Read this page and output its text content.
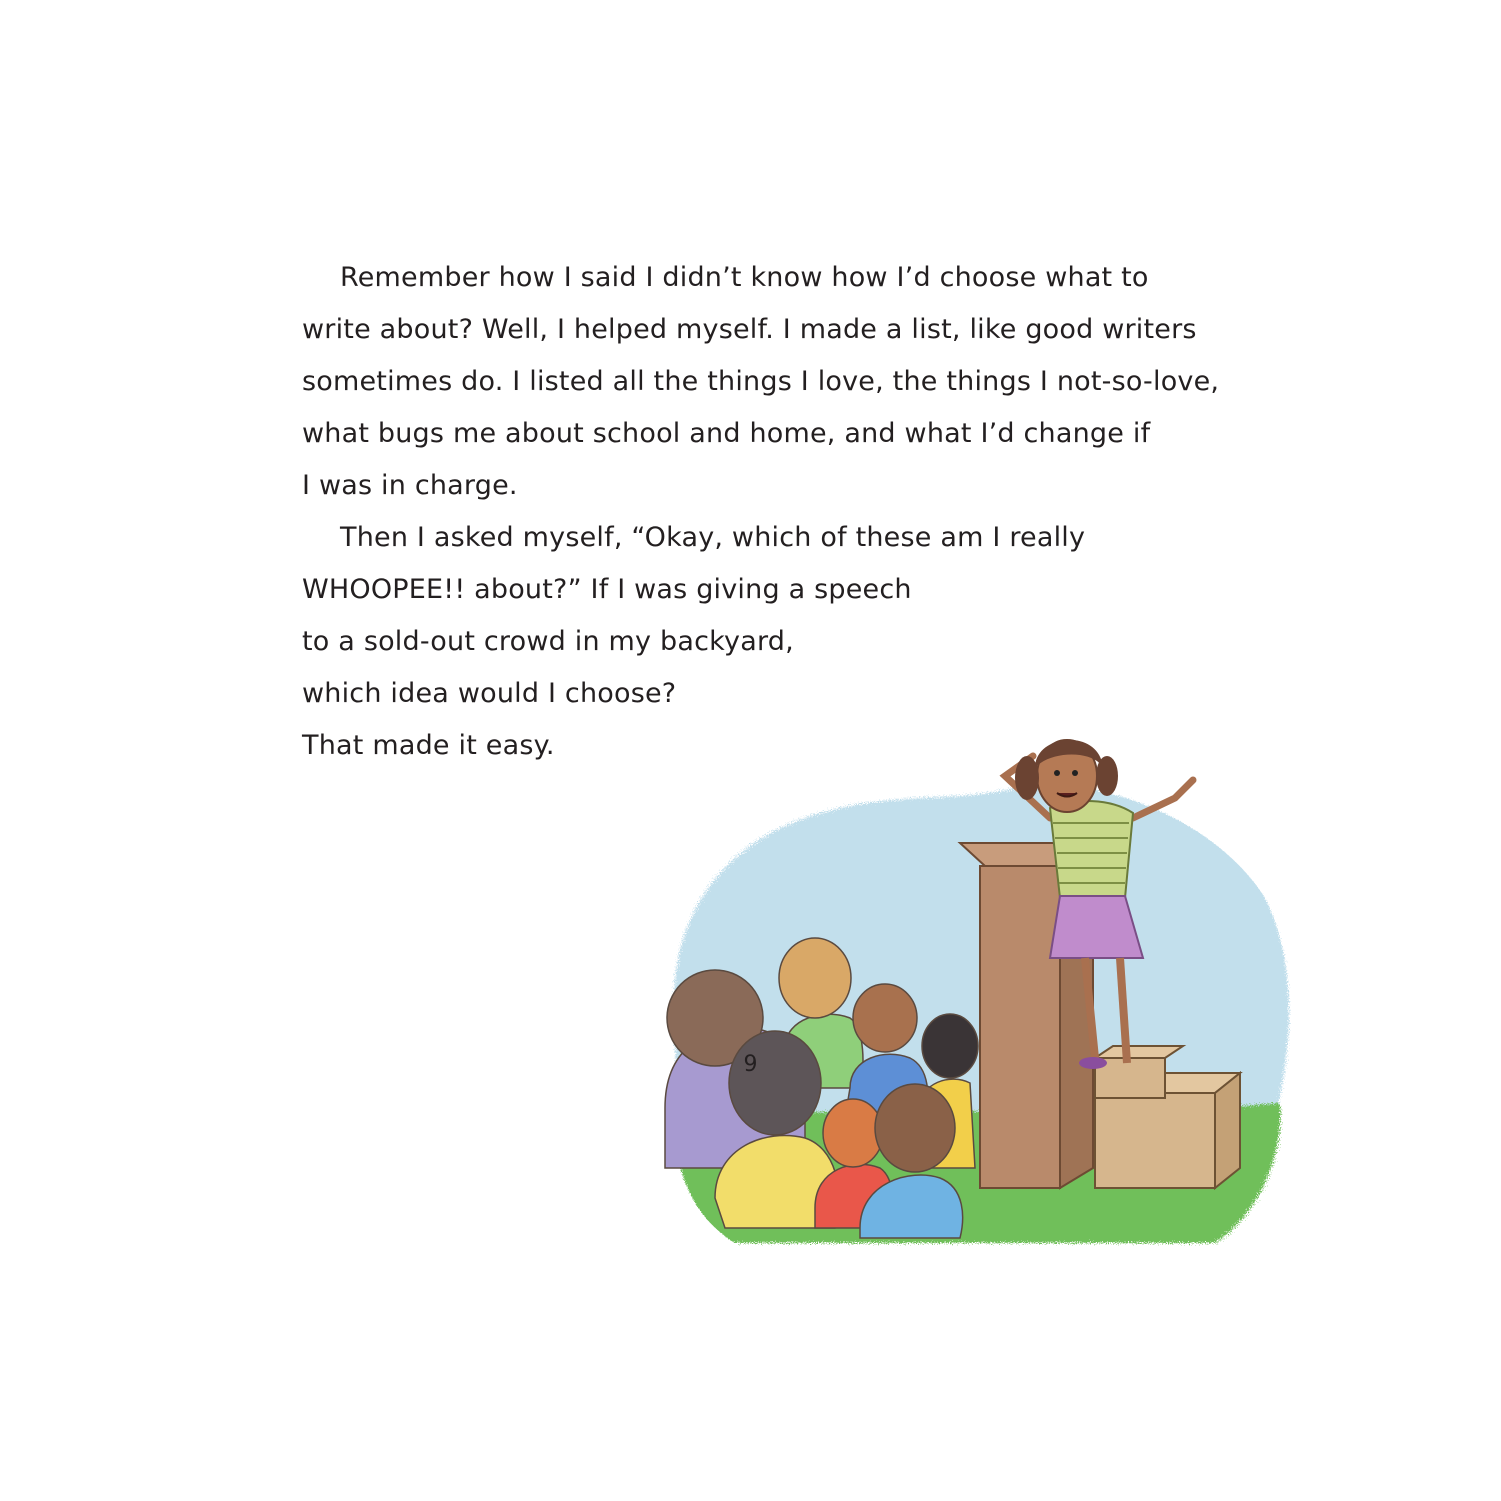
Remember how I said I didn’t know how I’d choose what to
write about? Well, I helped myself. I made a list, like good writers
sometimes do. I listed all the things I love, the things I not-so-love,
what bugs me about school and home, and what I’d change if
I was in charge.
Then I asked myself, “Okay, which of these am I really
WHOOPEE!! about?” If I was giving a speech
to a sold-out crowd in my backyard,
which idea would I choose?
That made it easy.
9
